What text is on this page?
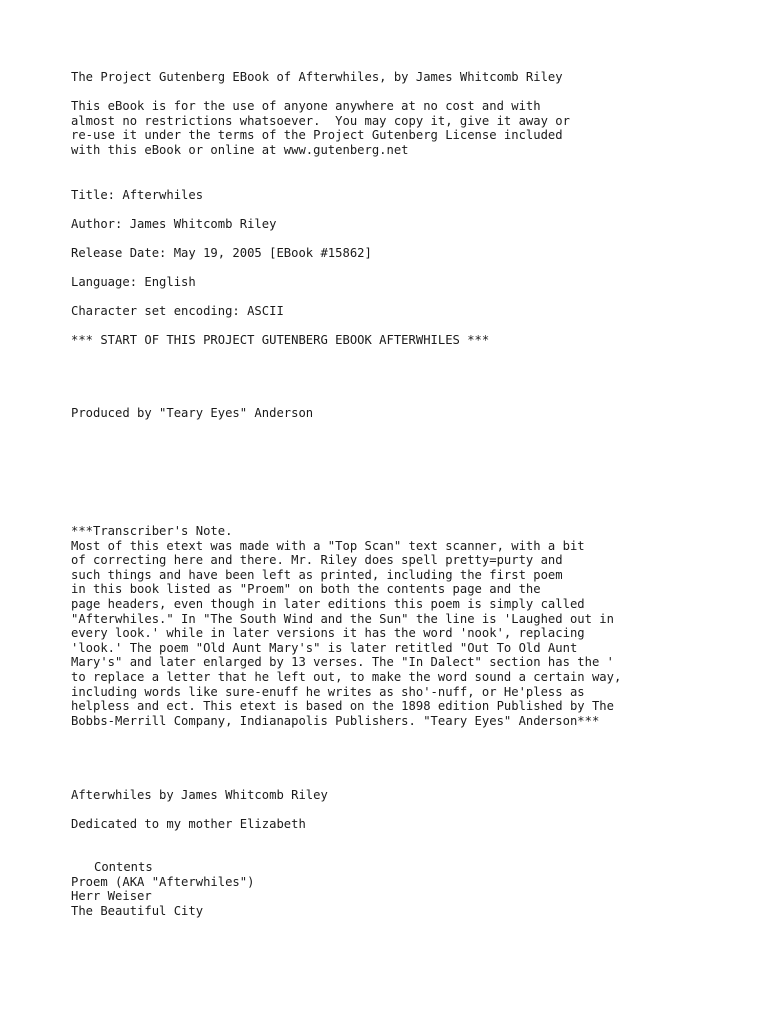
The Project Gutenberg EBook of Afterwhiles, by James Whitcomb Riley

This eBook is for the use of anyone anywhere at no cost and with
almost no restrictions whatsoever.  You may copy it, give it away or
re-use it under the terms of the Project Gutenberg License included
with this eBook or online at www.gutenberg.net

Title: Afterwhiles

Author: James Whitcomb Riley

Release Date: May 19, 2005 [EBook #15862]

Language: English

Character set encoding: ASCII

*** START OF THIS PROJECT GUTENBERG EBOOK AFTERWHILES ***

Produced by "Teary Eyes" Anderson

***Transcriber's Note.
Most of this etext was made with a "Top Scan" text scanner, with a bit
of correcting here and there. Mr. Riley does spell pretty=purty and
such things and have been left as printed, including the first poem
in this book listed as "Proem" on both the contents page and the
page headers, even though in later editions this poem is simply called
"Afterwhiles." In "The South Wind and the Sun" the line is 'Laughed out in
every look.' while in later versions it has the word 'nook', replacing
'look.' The poem "Old Aunt Mary's" is later retitled "Out To Old Aunt
Mary's" and later enlarged by 13 verses. The "In Dalect" section has the '
to replace a letter that he left out, to make the word sound a certain way,
including words like sure-enuff he writes as sho'-nuff, or He'pless as
helpless and ect. This etext is based on the 1898 edition Published by The
Bobbs-Merrill Company, Indianapolis Publishers. "Teary Eyes" Anderson***

Afterwhiles by James Whitcomb Riley

Dedicated to my mother Elizabeth

Contents
Proem (AKA "Afterwhiles")
Herr Weiser
The Beautiful City
